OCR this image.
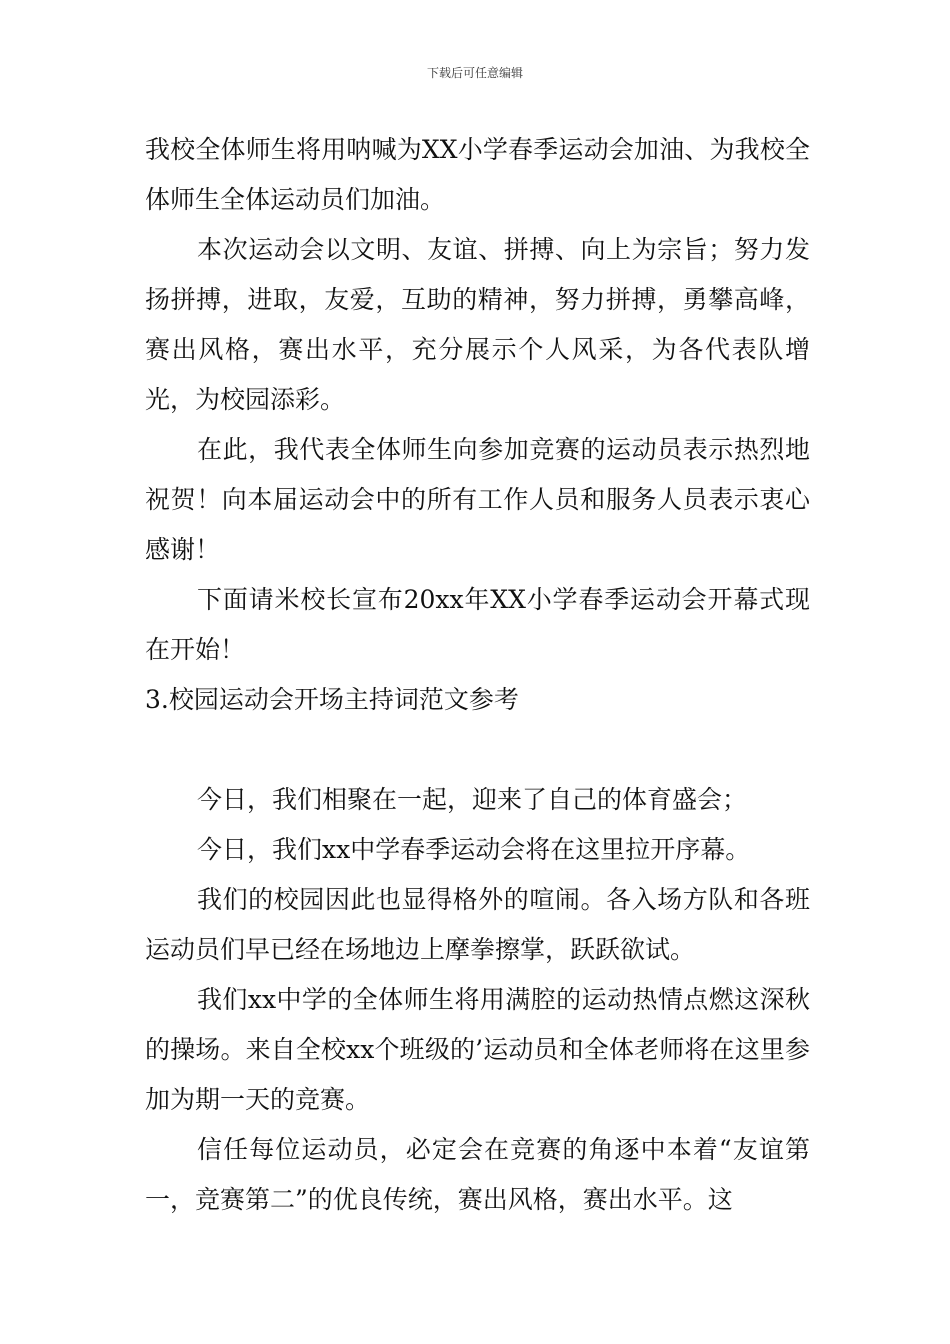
下载后可任意编辑

我校全体师生将用呐喊为XX小学春季运动会加油、为我校全体师生全体运动员们加油。

本次运动会以文明、友谊、拼搏、向上为宗旨；努力发扬拼搏，进取，友爱，互助的精神，努力拼搏，勇攀高峰，赛出风格，赛出水平，充分展示个人风采，为各代表队增光，为校园添彩。

在此，我代表全体师生向参加竞赛的运动员表示热烈地祝贺！向本届运动会中的所有工作人员和服务人员表示衷心感谢！

下面请米校长宣布20xx年XX小学春季运动会开幕式现在开始！

3.校园运动会开场主持词范文参考

今日，我们相聚在一起，迎来了自己的体育盛会；

今日，我们xx中学春季运动会将在这里拉开序幕。

我们的校园因此也显得格外的喧闹。各入场方队和各班运动员们早已经在场地边上摩拳擦掌，跃跃欲试。

我们xx中学的全体师生将用满腔的运动热情点燃这深秋的操场。来自全校xx个班级的’运动员和全体老师将在这里参加为期一天的竞赛。

信任每位运动员，必定会在竞赛的角逐中本着“友谊第一，竞赛第二”的优良传统，赛出风格，赛出水平。这
